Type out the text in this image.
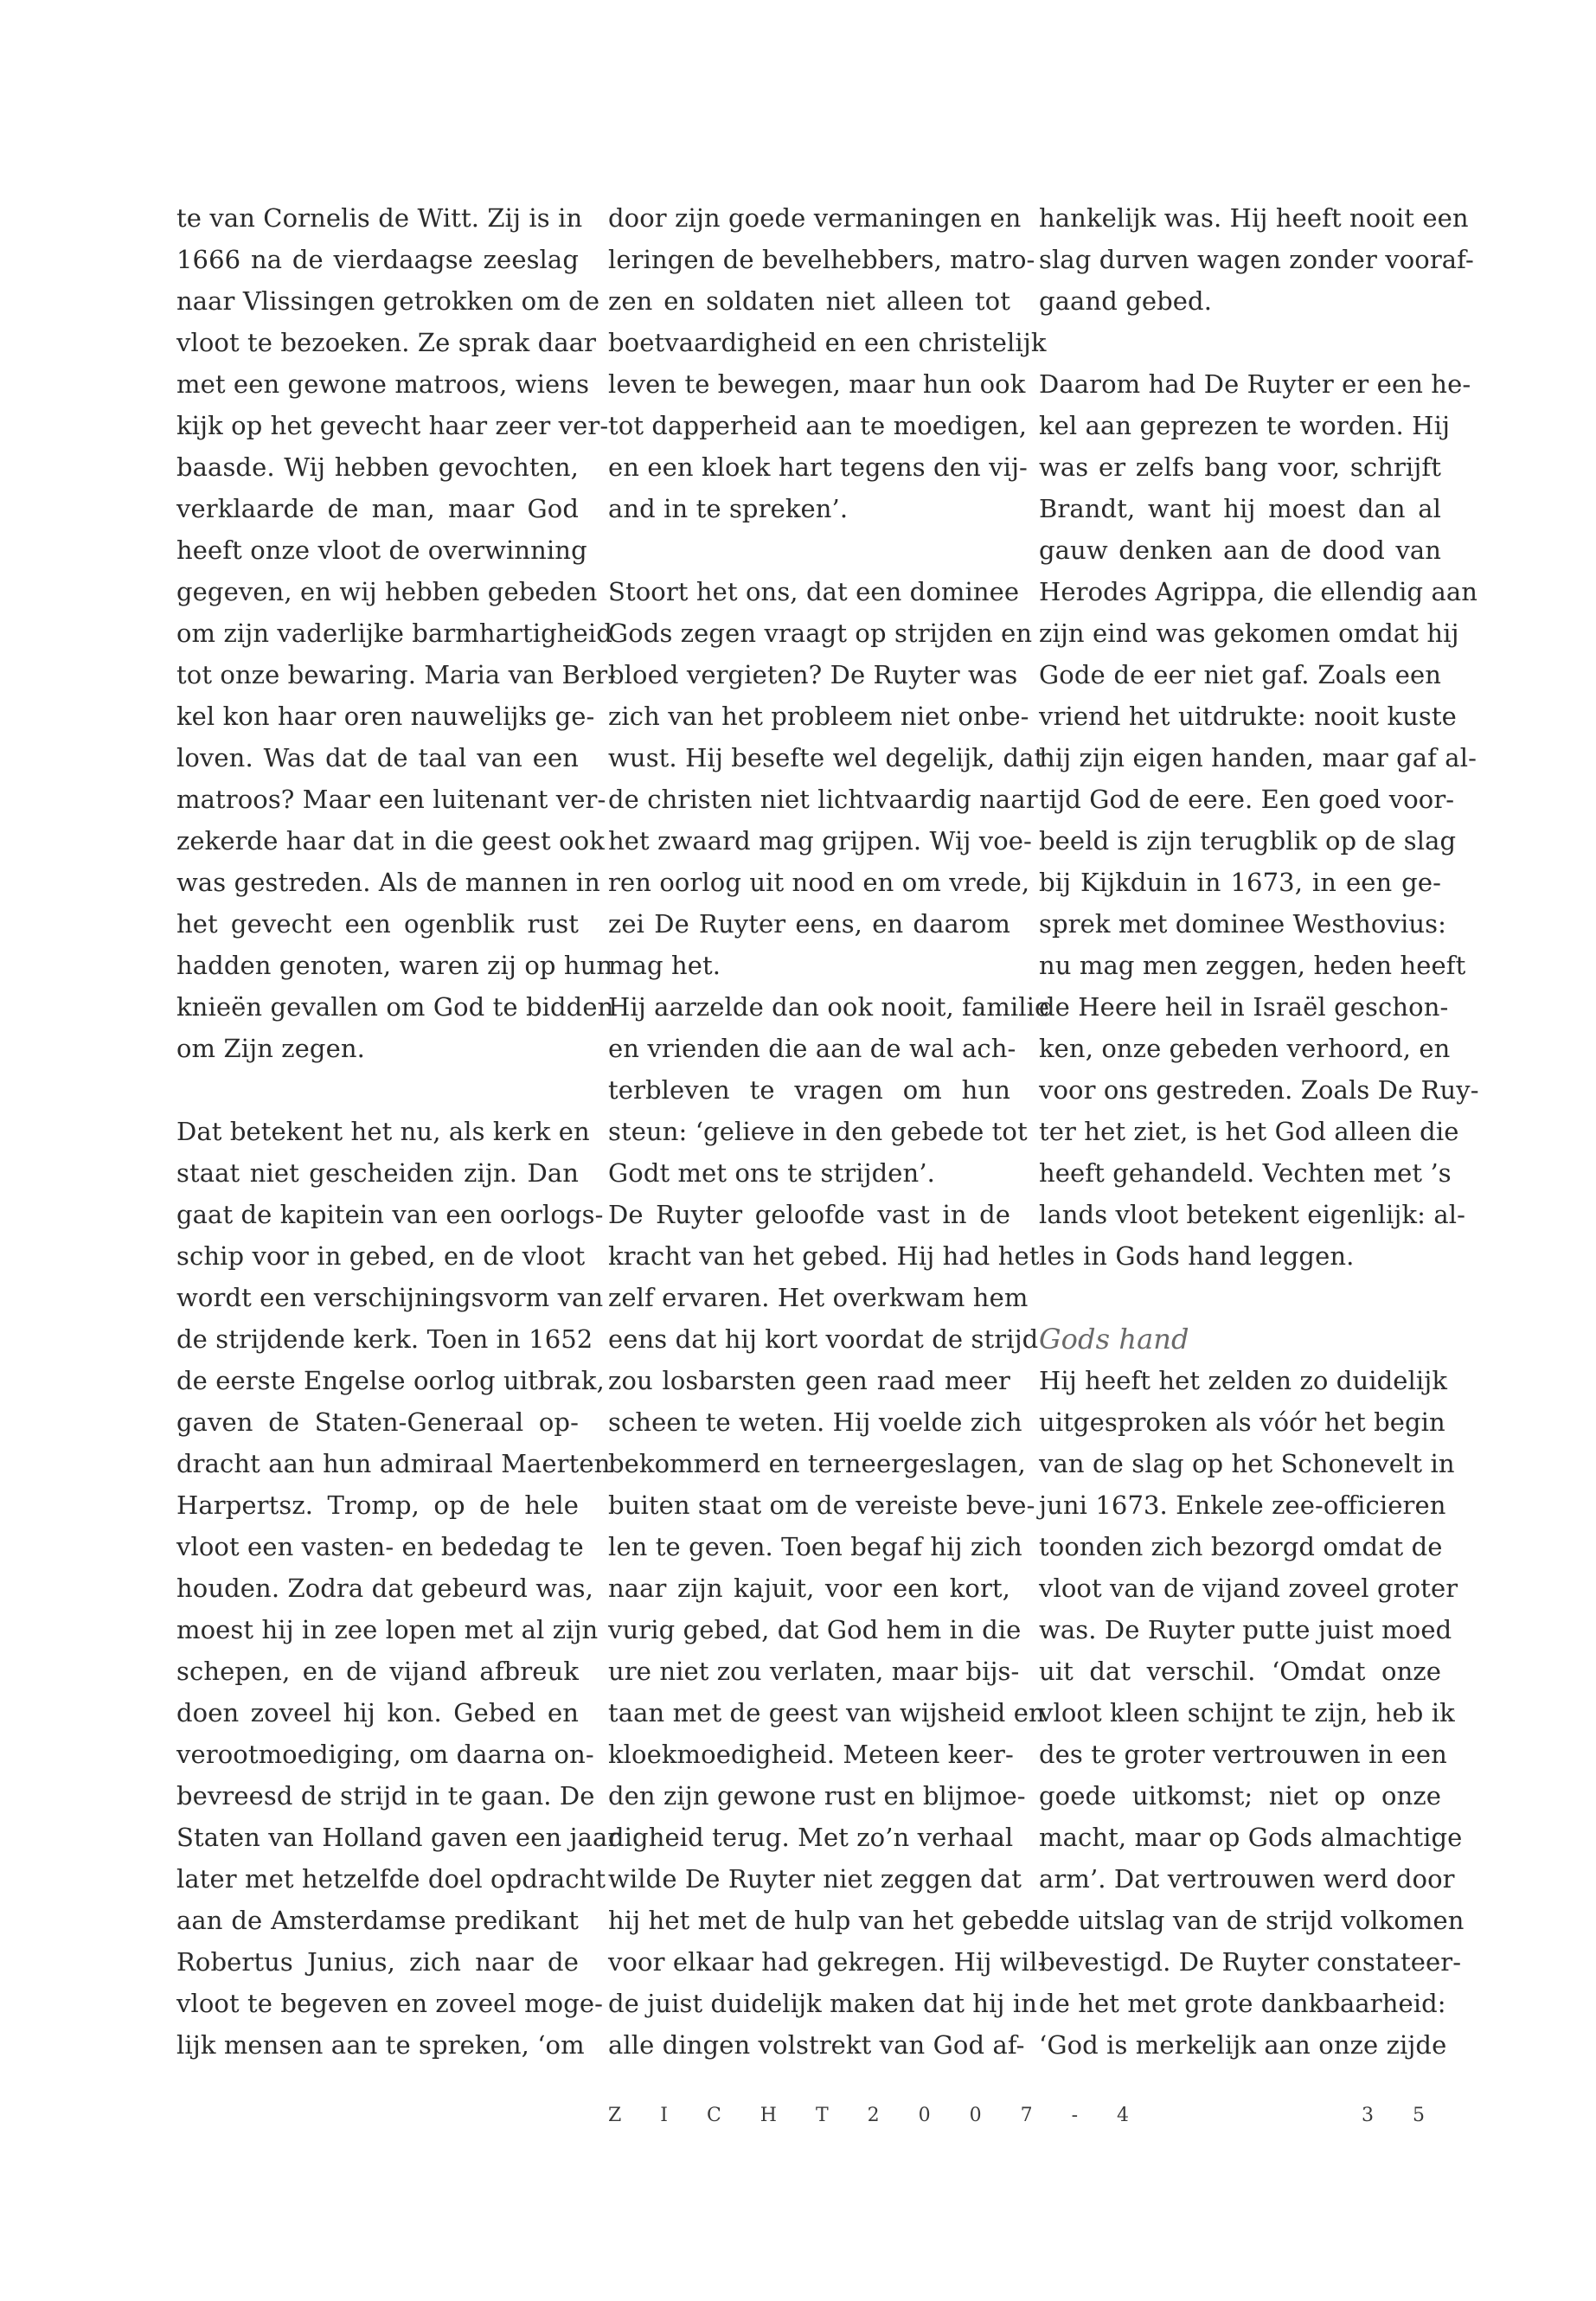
te van Cornelis de Witt. Zij is in
1666 na de vierdaagse zeeslag
naar Vlissingen getrokken om de
vloot te bezoeken. Ze sprak daar
met een gewone matroos, wiens
kijk op het gevecht haar zeer ver-
baasde. Wij hebben gevochten,
verklaarde de man, maar God
heeft onze vloot de overwinning
gegeven, en wij hebben gebeden
om zijn vaderlijke barmhartigheid
tot onze bewaring. Maria van Ber-
kel kon haar oren nauwelijks ge-
loven. Was dat de taal van een
matroos? Maar een luitenant ver-
zekerde haar dat in die geest ook
was gestreden. Als de mannen in
het gevecht een ogenblik rust
hadden genoten, waren zij op hun
knieën gevallen om God te bidden
om Zijn zegen.
Dat betekent het nu, als kerk en
staat niet gescheiden zijn. Dan
gaat de kapitein van een oorlogs-
schip voor in gebed, en de vloot
wordt een verschijningsvorm van
de strijdende kerk. Toen in 1652
de eerste Engelse oorlog uitbrak,
gaven de Staten-Generaal op-
dracht aan hun admiraal Maerten
Harpertsz. Tromp, op de hele
vloot een vasten- en bededag te
houden. Zodra dat gebeurd was,
moest hij in zee lopen met al zijn
schepen, en de vijand afbreuk
doen zoveel hij kon. Gebed en
verootmoediging, om daarna on-
bevreesd de strijd in te gaan. De
Staten van Holland gaven een jaar
later met hetzelfde doel opdracht
aan de Amsterdamse predikant
Robertus Junius, zich naar de
vloot te begeven en zoveel moge-
lijk mensen aan te spreken, ‘om
door zijn goede vermaningen en
leringen de bevelhebbers, matro-
zen en soldaten niet alleen tot
boetvaardigheid en een christelijk
leven te bewegen, maar hun ook
tot dapperheid aan te moedigen,
en een kloek hart tegens den vij-
and in te spreken’.
Stoort het ons, dat een dominee
Gods zegen vraagt op strijden en
bloed vergieten? De Ruyter was
zich van het probleem niet onbe-
wust. Hij besefte wel degelijk, dat
de christen niet lichtvaardig naar
het zwaard mag grijpen. Wij voe-
ren oorlog uit nood en om vrede,
zei De Ruyter eens, en daarom
mag het.
Hij aarzelde dan ook nooit, familie
en vrienden die aan de wal ach-
terbleven te vragen om hun
steun: ‘gelieve in den gebede tot
Godt met ons te strijden’.
De Ruyter geloofde vast in de
kracht van het gebed. Hij had het
zelf ervaren. Het overkwam hem
eens dat hij kort voordat de strijd
zou losbarsten geen raad meer
scheen te weten. Hij voelde zich
bekommerd en terneergeslagen,
buiten staat om de vereiste beve-
len te geven. Toen begaf hij zich
naar zijn kajuit, voor een kort,
vurig gebed, dat God hem in die
ure niet zou verlaten, maar bijs-
taan met de geest van wijsheid en
kloekmoedigheid. Meteen keer-
den zijn gewone rust en blijmoe-
digheid terug. Met zo’n verhaal
wilde De Ruyter niet zeggen dat
hij het met de hulp van het gebed
voor elkaar had gekregen. Hij wil-
de juist duidelijk maken dat hij in
alle dingen volstrekt van God af-
hankelijk was. Hij heeft nooit een
slag durven wagen zonder vooraf-
gaand gebed.
Daarom had De Ruyter er een he-
kel aan geprezen te worden. Hij
was er zelfs bang voor, schrijft
Brandt, want hij moest dan al
gauw denken aan de dood van
Herodes Agrippa, die ellendig aan
zijn eind was gekomen omdat hij
Gode de eer niet gaf. Zoals een
vriend het uitdrukte: nooit kuste
hij zijn eigen handen, maar gaf al-
tijd God de eere. Een goed voor-
beeld is zijn terugblik op de slag
bij Kijkduin in 1673, in een ge-
sprek met dominee Westhovius:
nu mag men zeggen, heden heeft
de Heere heil in Israël geschon-
ken, onze gebeden verhoord, en
voor ons gestreden. Zoals De Ruy-
ter het ziet, is het God alleen die
heeft gehandeld. Vechten met ’s
lands vloot betekent eigenlijk: al-
les in Gods hand leggen.
Gods hand
Hij heeft het zelden zo duidelijk
uitgesproken als vóór het begin
van de slag op het Schonevelt in
juni 1673. Enkele zee-officieren
toonden zich bezorgd omdat de
vloot van de vijand zoveel groter
was. De Ruyter putte juist moed
uit dat verschil. ‘Omdat onze
vloot kleen schijnt te zijn, heb ik
des te groter vertrouwen in een
goede uitkomst; niet op onze
macht, maar op Gods almachtige
arm’. Dat vertrouwen werd door
de uitslag van de strijd volkomen
bevestigd. De Ruyter constateer-
de het met grote dankbaarheid:
‘God is merkelijk aan onze zijde
Z I C H T 2 0 0 7 - 4	3 5
